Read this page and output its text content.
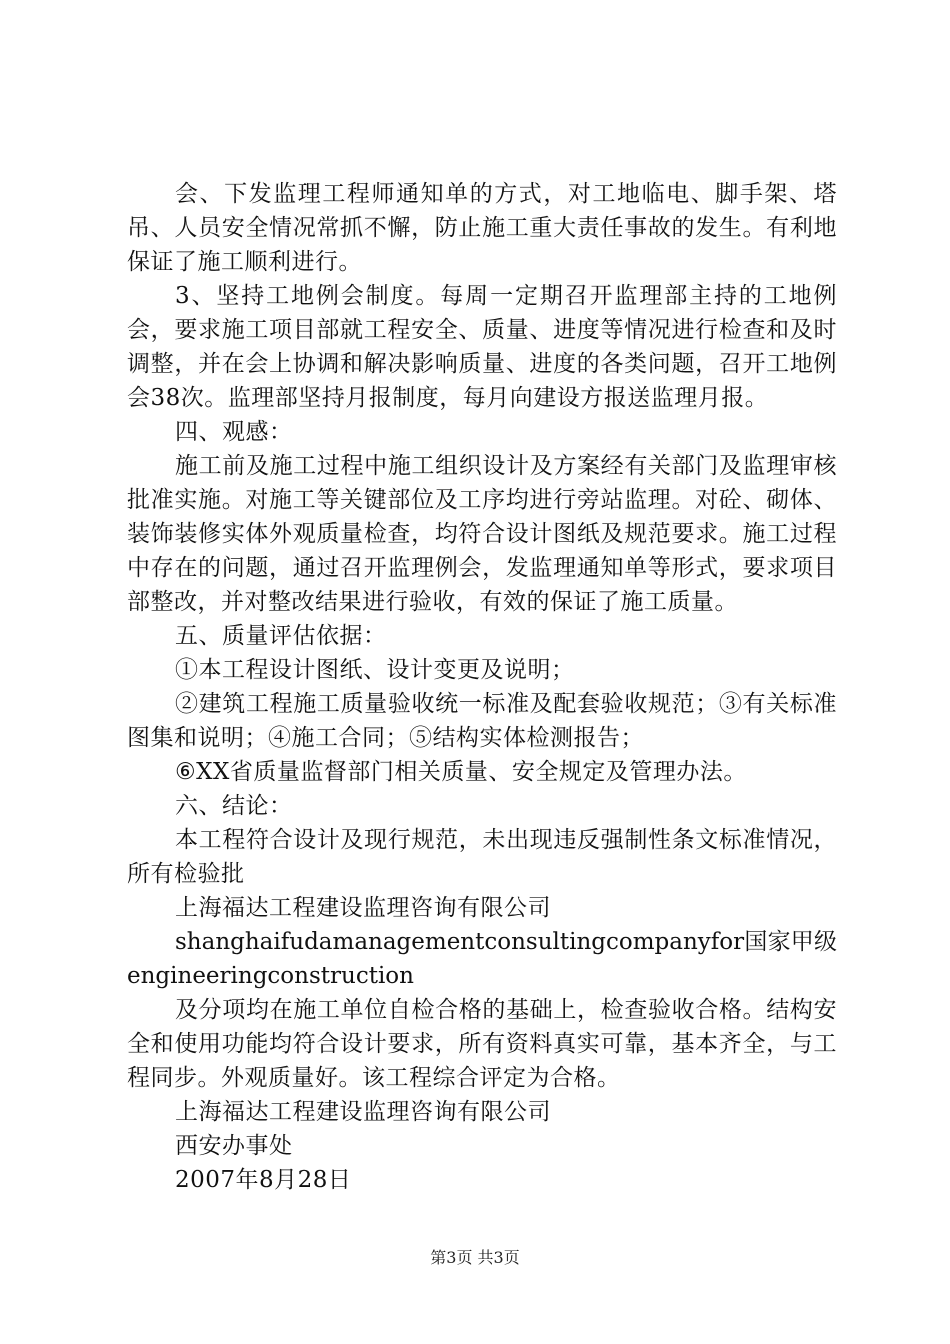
会、下发监理工程师通知单的方式，对工地临电、脚手架、塔吊、人员安全情况常抓不懈，防止施工重大责任事故的发生。有利地保证了施工顺利进行。

3、坚持工地例会制度。每周一定期召开监理部主持的工地例会，要求施工项目部就工程安全、质量、进度等情况进行检查和及时调整，并在会上协调和解决影响质量、进度的各类问题，召开工地例会38次。监理部坚持月报制度，每月向建设方报送监理月报。

四、观感：

施工前及施工过程中施工组织设计及方案经有关部门及监理审核批准实施。对施工等关键部位及工序均进行旁站监理。对砼、砌体、装饰装修实体外观质量检查，均符合设计图纸及规范要求。施工过程中存在的问题，通过召开监理例会，发监理通知单等形式，要求项目部整改，并对整改结果进行验收，有效的保证了施工质量。

五、质量评估依据：

①本工程设计图纸、设计变更及说明；

②建筑工程施工质量验收统一标准及配套验收规范；③有关标准图集和说明；④施工合同；⑤结构实体检测报告；

⑥XX省质量监督部门相关质量、安全规定及管理办法。

六、结论：

本工程符合设计及现行规范，未出现违反强制性条文标准情况，所有检验批

上海福达工程建设监理咨询有限公司

shanghaifudamanagementconsultingcompanyfor国家甲级engineeringconstruction

及分项均在施工单位自检合格的基础上，检查验收合格。结构安全和使用功能均符合设计要求，所有资料真实可靠，基本齐全，与工程同步。外观质量好。该工程综合评定为合格。

上海福达工程建设监理咨询有限公司

西安办事处

2007年8月28日

第3页 共3页
